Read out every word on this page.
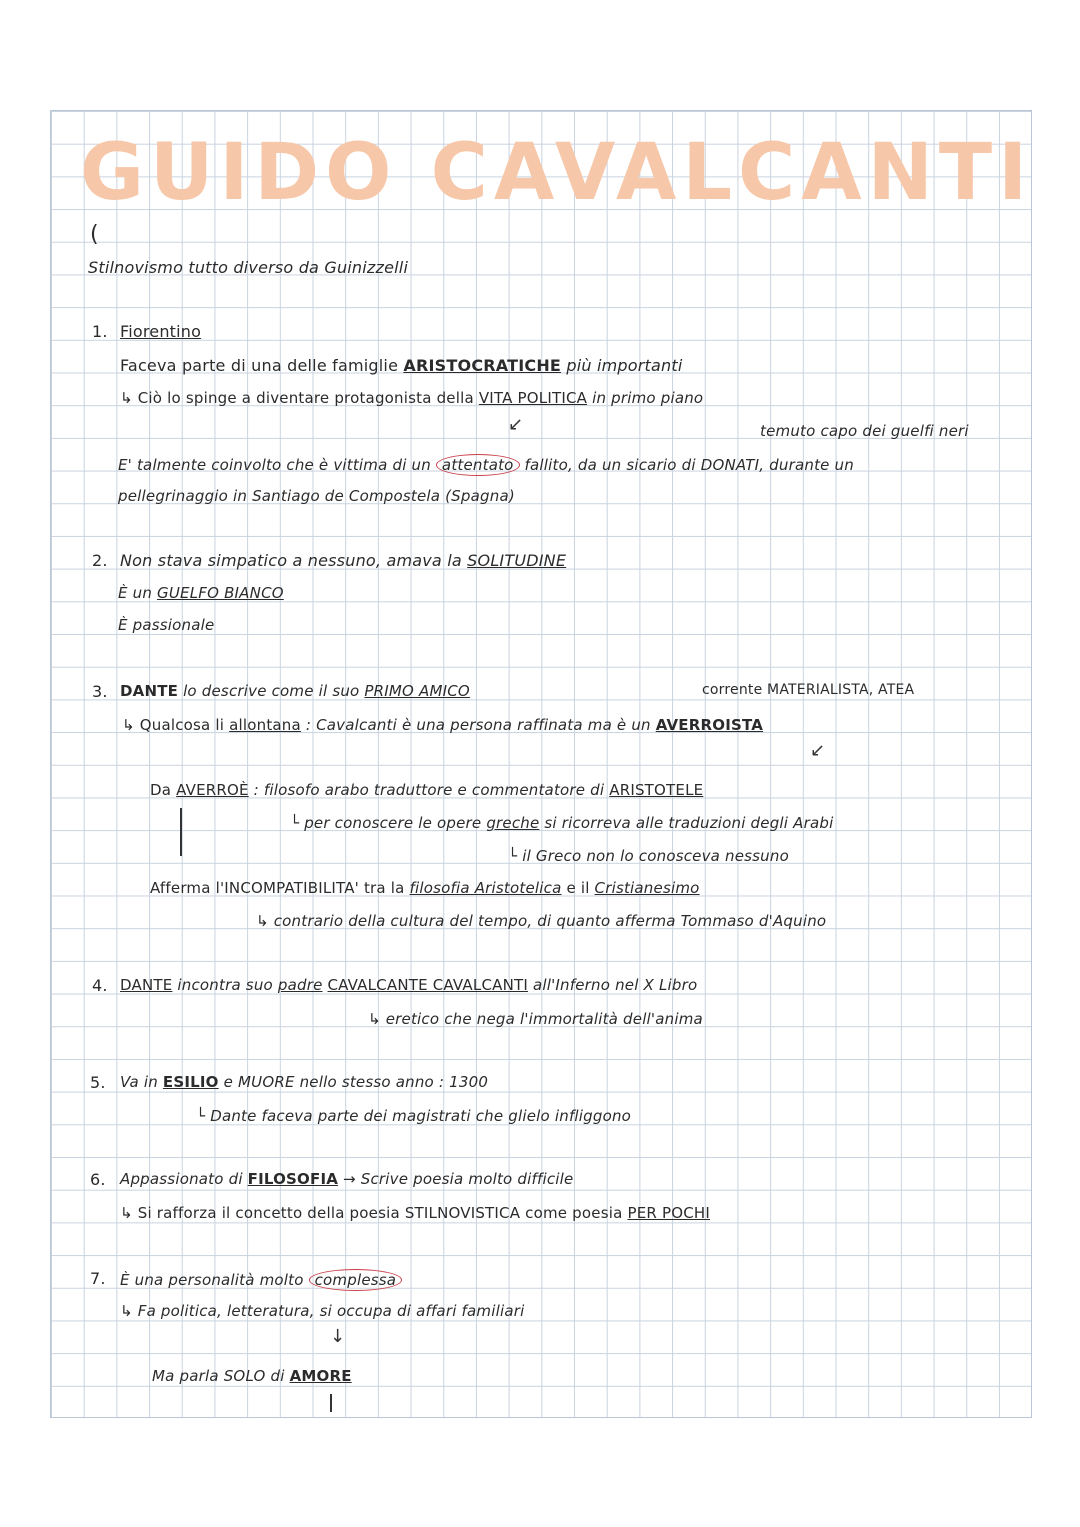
GUIDO CAVALCANTI
(
Stilnovismo tutto diverso da Guinizzelli
1. Fiorentino
Faceva parte di una delle famiglie ARISTOCRATICHE più importanti
↳ Ciò lo spinge a diventare protagonista della VITA POLITICA in primo piano
↙	temuto capo dei guelfi neri
E' talmente coinvolto che è vittima di un attentato fallito, da un sicario di DONATI, durante un
pellegrinaggio in Santiago de Compostela (Spagna)
2. Non stava simpatico a nessuno, amava la SOLITUDINE
È un GUELFO BIANCO
È passionale
3. DANTE lo descrive come il suo PRIMO AMICO	corrente MATERIALISTA, ATEA
↳ Qualcosa li allontana : Cavalcanti è una persona raffinata ma è un AVERROISTA
↙
Da AVERROÈ : filosofo arabo traduttore e commentatore di ARISTOTELE
└ per conoscere le opere greche si ricorreva alle traduzioni degli Arabi
└ il Greco non lo conosceva nessuno
Afferma l'INCOMPATIBILITA' tra la filosofia Aristotelica e il Cristianesimo
↳ contrario della cultura del tempo, di quanto afferma Tommaso d'Aquino
4. DANTE incontra suo padre CAVALCANTE CAVALCANTI all'Inferno nel X Libro
↳ eretico che nega l'immortalità dell'anima
5. Va in ESILIO e MUORE nello stesso anno : 1300
└ Dante faceva parte dei magistrati che glielo infliggono
6. Appassionato di FILOSOFIA → Scrive poesia molto difficile
↳ Si rafforza il concetto della poesia STILNOVISTICA come poesia PER POCHI
7. È una personalità molto complessa
↳ Fa politica, letteratura, si occupa di affari familiari
↓
Ma parla SOLO di AMORE
